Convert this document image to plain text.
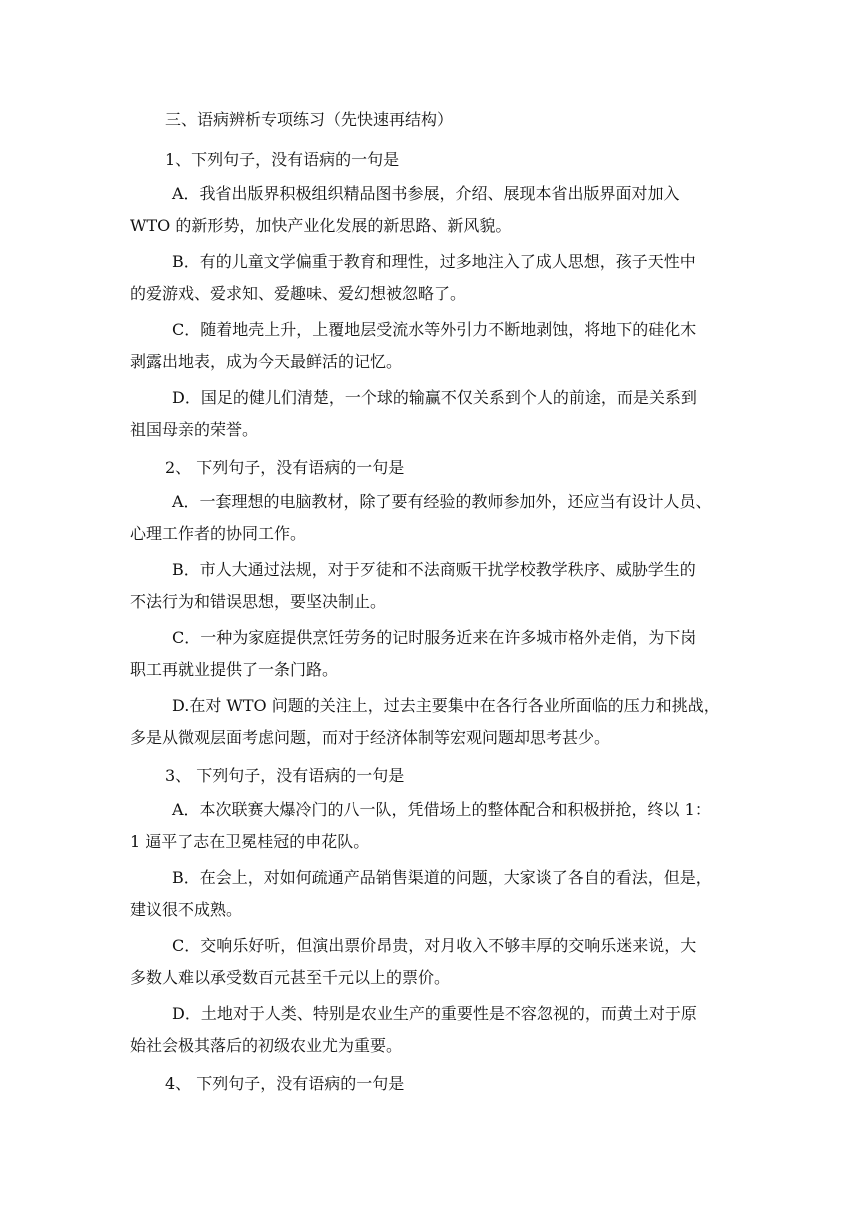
三、语病辨析专项练习（先快速再结构）
1、下列句子，没有语病的一句是
A．我省出版界积极组织精品图书参展，介绍、展现本省出版界面对加入
WTO 的新形势，加快产业化发展的新思路、新风貌。
B．有的儿童文学偏重于教育和理性，过多地注入了成人思想，孩子天性中
的爱游戏、爱求知、爱趣味、爱幻想被忽略了。
C．随着地壳上升，上覆地层受流水等外引力不断地剥蚀，将地下的硅化木
剥露出地表，成为今天最鲜活的记忆。
D．国足的健儿们清楚，一个球的输赢不仅关系到个人的前途，而是关系到
祖国母亲的荣誉。
2、 下列句子，没有语病的一句是
A．一套理想的电脑教材，除了要有经验的教师参加外，还应当有设计人员、
心理工作者的协同工作。
B．市人大通过法规，对于歹徒和不法商贩干扰学校教学秩序、威胁学生的
不法行为和错误思想，要坚决制止。
C．一种为家庭提供烹饪劳务的记时服务近来在许多城市格外走俏，为下岗
职工再就业提供了一条门路。
D.在对 WTO 问题的关注上，过去主要集中在各行各业所面临的压力和挑战，
多是从微观层面考虑问题，而对于经济体制等宏观问题却思考甚少。
3、 下列句子，没有语病的一句是
A．本次联赛大爆冷门的八一队，凭借场上的整体配合和积极拼抢，终以 1：
1 逼平了志在卫冕桂冠的申花队。
B．在会上，对如何疏通产品销售渠道的问题，大家谈了各自的看法，但是，
建议很不成熟。
C．交响乐好听，但演出票价昂贵，对月收入不够丰厚的交响乐迷来说，大
多数人难以承受数百元甚至千元以上的票价。
D．土地对于人类、特别是农业生产的重要性是不容忽视的，而黄土对于原
始社会极其落后的初级农业尤为重要。
4、 下列句子，没有语病的一句是
